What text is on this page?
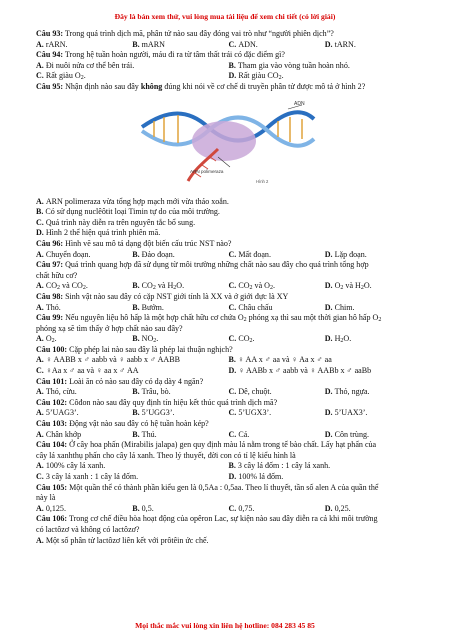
Đây là bản xem thử, vui lòng mua tài liệu để xem chi tiết (có lời giải)
Câu 93: Trong quá trình dịch mã, phân tử nào sau đây đóng vai trò như “người phiên dịch”?
A. rARN.	B. mARN	C. ADN.	D. tARN.
Câu 94: Trong hệ tuần hoàn người, máu đi ra từ tâm thất trái có đặc điểm gì?
A. Đi nuôi nửa cơ thể bên trái.	B. Tham gia vào vòng tuần hoàn nhỏ.
C. Rất giàu $O_2$.	D. Rất giàu $CO_2$.
Câu 95: Nhận định nào sau đây không đúng khi nói về cơ chế di truyền phân tử được mô tả ở hình 2?
ADN
ARN polimeraza
Hình 2
A. ARN polimeraza vừa tổng hợp mạch mới vừa tháo xoắn.
B. Có sử dụng nuclêôtit loại Timin tự do của môi trường.
C. Quá trình này diễn ra trên nguyên tắc bổ sung.
D. Hình 2 thể hiện quá trình phiên mã.
Câu 96: Hình vẽ sau mô tả dạng đột biến cấu trúc NST nào?
A. Chuyển đoạn.	B. Đảo đoạn.	C. Mất đoạn.	D. Lặp đoạn.
Câu 97: Quá trình quang hợp đã sử dụng từ môi trường những chất nào sau đây cho quá trình tổng hợp
chất hữu cơ?
A. $CO_2$ và $CO_2$.	B. $CO_2$ và $H_2O$.	C. $CO_2$ và $O_2$.	D. $O_2$ và $H_2O$.
Câu 98: Sinh vật nào sau đây có cặp NST giới tính là XX và ở giới đực là XY
A. Thỏ.	B. Bướm.	C. Châu chấu	D. Chim.
Câu 99: Nếu nguyên liệu hô hấp là một hợp chất hữu cơ chứa $O_2$ phóng xạ thì sau một thời gian hô hấp $O_2$
phóng xạ sẽ tìm thấy ở hợp chất nào sau đây?
A. $O_2$.	B. $NO_2$.	C. $CO_2$.	D. $H_2O$.
Câu 100: Cặp phép lai nào sau đây là phép lai thuận nghịch?
A. ♀ AABB x ♂ aabb và ♀ aabb x ♂ AABB	B. ♀ AA x ♂ aa và ♀ Aa x ♂ aa
C. ♀Aa x ♂ aa và ♀ aa x ♂ AA	D. ♀ AABb x ♂ aabb và ♀ AABb x ♂ aaBb
Câu 101: Loài ăn cỏ nào sau đây có dạ dày 4 ngăn?
A. Thỏ, cừu.	B. Trâu, bò.	C. Dê, chuột.	D. Thỏ, ngựa.
Câu 102: Côđon nào sau đây quy định tín hiệu kết thúc quá trình dịch mã?
A. 5’UAG3’.	B. 5’UGG3’.	C. 5’UGX3’.	D. 5’UAX3’.
Câu 103: Động vật nào sau đây có hệ tuần hoàn kép?
A. Chân khớp	B. Thú.	C. Cá.	D. Côn trùng.
Câu 104: Ở cây hoa phấn (Mirabilis jalapa) gen quy định màu lá nằm trong tế bào chất. Lấy hạt phấn của
cây lá xanhthụ phấn cho cây lá xanh. Theo lý thuyết, đời con có tỉ lệ kiểu hình là
A. 100% cây lá xanh.	B. 3 cây lá đốm : 1 cây lá xanh.
C. 3 cây lá xanh : 1 cây lá đốm.	D. 100% lá đốm.
Câu 105: Một quần thể có thành phần kiểu gen là 0,5Aa : 0,5aa. Theo lí thuyết, tần số alen A của quần thể
này là
A. 0,125.	B. 0,5.	C. 0,75.	D. 0,25.
Câu 106: Trong cơ chế điều hòa hoạt động của opêron Lac, sự kiện nào sau đây diễn ra cả khi môi trường
có lactôzơ và không có lactôzơ?
A. Một số phân tử lactôzơ liên kết với prôtêin ức chế.
Mọi thắc mắc vui lòng xin liên hệ hotline: 084 283 45 85
